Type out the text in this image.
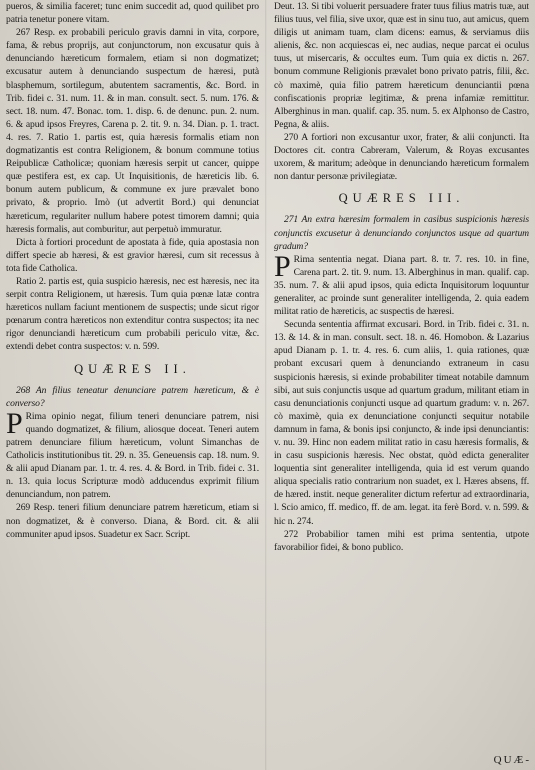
pueros, & similia faceret; tunc enim succedit ad, quod quilibet pro patria tenetur ponere vitam.

267 Resp. ex probabili periculo gravis damni in vita, corpore, fama, & rebus proprijs, aut conjunctorum, non excusatur quis à denunciando hæreticum formalem, etiam si non dogmatizet; excusatur autem à denunciando suspectum de hæresi, putà blasphemum, sortilegum, abutentem sacramentis, &c. Bord. in Trib. fidei c. 31. num. 11. & in man. consult. sect. 5. num. 176. & sect. 18. num. 47. Bonac. tom. 1. disp. 6. de denunc. pun. 2. num. 6. & apud ipsos Freyres, Carena p. 2. tit. 9. n. 34. Dian. p. 1. tract. 4. res. 7. Ratio 1. partis est, quia hæresis formalis etiam non dogmatizantis est contra Religionem, & bonum commune totius Reipublicæ Catholicæ; quoniam hæresis serpit ut cancer, quippe quæ pestifera est, ex cap. Ut Inquisitionis, de hæreticis lib. 6. bonum autem publicum, & commune ex jure prævalet bono privato, & proprio. Imò (ut advertit Bord.) qui denunciat hæreticum, regulariter nullum habere potest timorem damni; quia hæresis formalis, aut comburitur, aut perpetuò immuratur.

Dicta à fortiori procedunt de apostata à fide, quia apostasia non differt specie ab hæresi, & est gravior hæresi, cum sit recessus à tota fide Catholica.

Ratio 2. partis est, quia suspicio hæresis, nec est hæresis, nec ita serpit contra Religionem, ut hæresis. Tum quia pœnæ latæ contra hæreticos nullam faciunt mentionem de suspectis; unde sicut rigor pœnarum contra hæreticos non extenditur contra suspectos; ita nec rigor denunciandi hæreticum cum probabili periculo vitæ, &c. extendi debet contra suspectos: v. n. 599.

QUÆRES II.

268 An filius teneatur denunciare patrem hæreticum, & è converso?

P Rima opinio negat, filium teneri denunciare patrem, nisi quando dogmatizet, & filium, aliosque doceat. Teneri autem patrem denunciare filium hæreticum, volunt Simanchas de Catholicis institutionibus tit. 29. n. 35. Geneuensis cap. 18. num. 9. & alii apud Dianam par. 1. tr. 4. res. 4. & Bord. in Trib. fidei c. 31. n. 13. quia locus Scripturæ modò adducendus exprimit filium denunciandum, non patrem.

269 Resp. teneri filium denunciare patrem hæreticum, etiam si non dogmatizet, & è converso. Diana, & Bord. cit. & alii communiter apud ipsos. Suadetur ex Sacr. Script.

Deut. 13. Si tibi voluerit persuadere frater tuus filius matris tuæ, aut filius tuus, vel filia, sive uxor, quæ est in sinu tuo, aut amicus, quem diligis ut animam tuam, clam dicens: eamus, & serviamus diis alienis, &c. non acquiescas ei, nec audias, neque parcat ei oculus tuus, ut misercaris, & occultes eum. Tum quia ex dictis n. 267. bonum commune Religionis prævalet bono privato patris, filii, &c. cò maximè, quia filio patrem hæreticum denunciantii pœna confiscationis propriæ legitimæ, & prena infamiæ remittitur. Alberghinus in man. qualif. cap. 35. num. 5. ex Alphonso de Castro, Pegna, & aliis.

270 A fortiori non excusantur uxor, frater, & alii conjuncti. Ita Doctores cit. contra Cabreram, Valerum, & Royas excusantes uxorem, & maritum; adeòque in denunciando hæreticum formalem non dantur personæ privilegiatæ.

QUÆRES III.

271 An extra hæresim formalem in casibus suspicionis hæresis conjunctis excusetur à denunciando conjunctos usque ad quartum gradum?

P Rima sententia negat. Diana part. 8. tr. 7. res. 10. in fine, Carena part. 2. tit. 9. num. 13. Alberghinus in man. qualif. cap. 35. num. 7. & alii apud ipsos, quia edicta Inquisitorum loquuntur generaliter, ac proinde sunt generaliter intelligenda, 2. quia eadem militat ratio de hæreticis, ac suspectis de hæresi.

Secunda sententia affirmat excusari. Bord. in Trib. fidei c. 31. n. 13. & 14. & in man. consult. sect. 18. n. 46. Homobon. & Lazarius apud Dianam p. 1. tr. 4. res. 6. cum aliis, 1. quia rationes, quæ probant excusari quem à denunciando extraneum in casu suspicionis hæresis, si exinde probabiliter timeat notabile damnum sibi, aut suis conjunctis usque ad quartum gradum, militant etiam in casu denunciationis conjuncti usque ad quartum gradum: v. n. 267. cò maximè, quia ex denunciatione conjuncti sequitur notabile damnum in fama, & bonis ipsi conjuncto, & inde ipsi denunciantis: v. nu. 39. Hinc non eadem militat ratio in casu hæresis formalis, & in casu suspicionis hæresis. Nec obstat, quòd edicta generaliter loquentia sint generaliter intelligenda, quia id est verum quando aliqua specialis ratio contrarium non suadet, ex l. Hæres absens, ff. de hæred. instit. neque generaliter dictum refertur ad extraordinaria, l. Scio amico, ff. medico, ff. de am. legat. ita ferè Bord. v. n. 599. & hic n. 274.

272 Probabilior tamen mihi est prima sententia, utpote favorabilior fidei, & bono publico.

QUÆ-
